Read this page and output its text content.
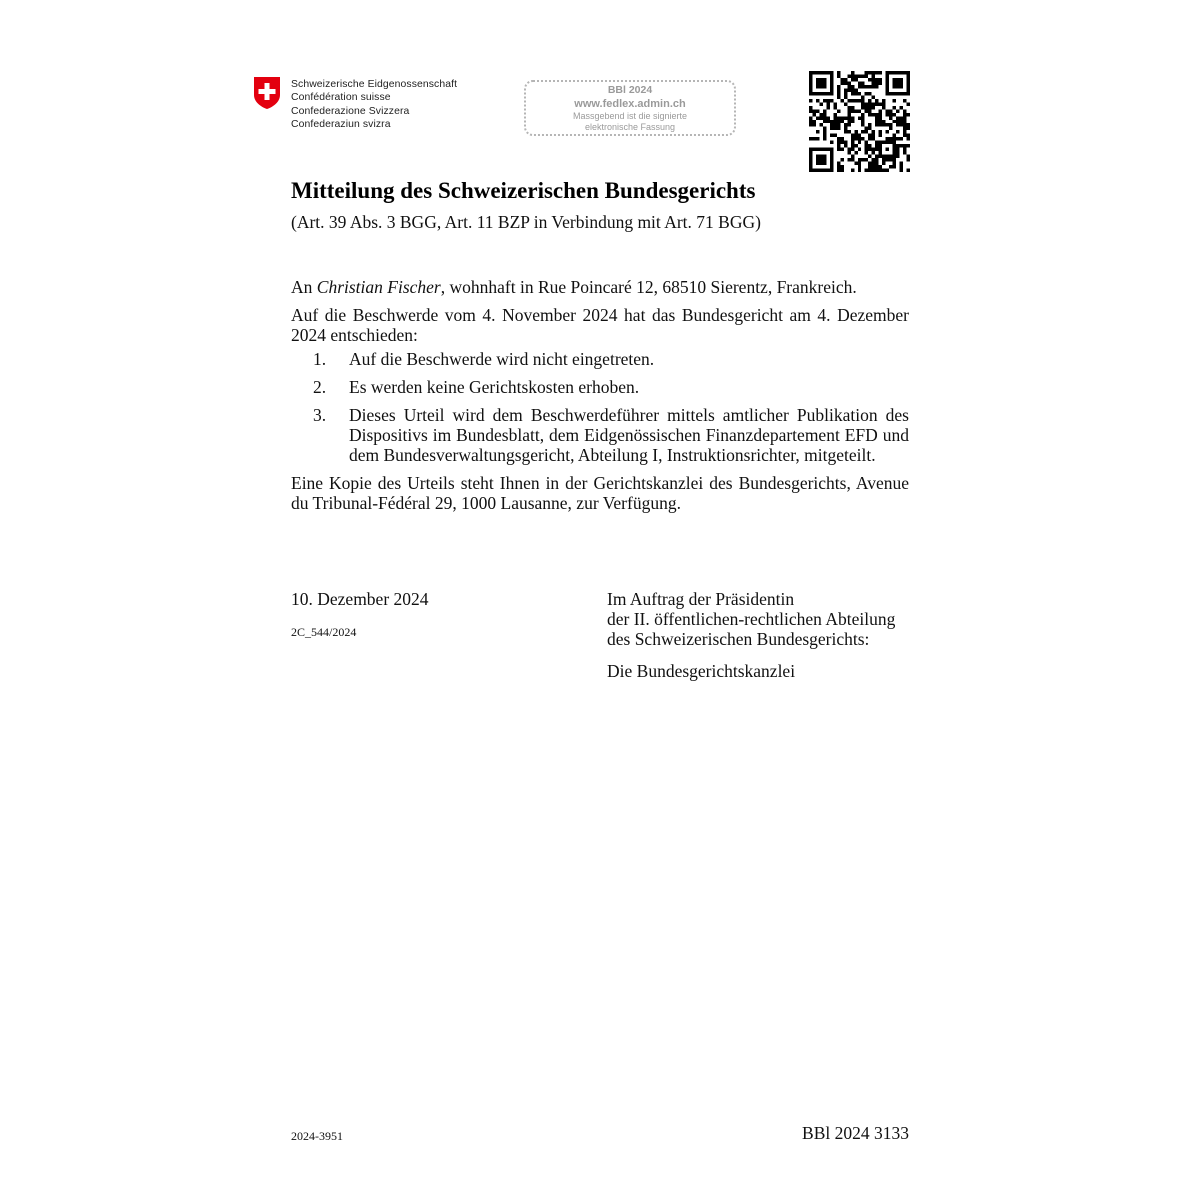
Schweizerische Eidgenossenschaft
Confédération suisse
Confederazione Svizzera
Confederaziun svizra
BBl 2024
www.fedlex.admin.ch
Massgebend ist die signierte
elektronische Fassung
Mitteilung des Schweizerischen Bundesgerichts
(Art. 39 Abs. 3 BGG, Art. 11 BZP in Verbindung mit Art. 71 BGG)

An Christian Fischer, wohnhaft in Rue Poincaré 12, 68510 Sierentz, Frankreich.

Auf die Beschwerde vom 4. November 2024 hat das Bundesgericht am 4. Dezember 2024 entschieden:

1.	Auf die Beschwerde wird nicht eingetreten.
2.	Es werden keine Gerichtskosten erhoben.
3.	Dieses Urteil wird dem Beschwerdeführer mittels amtlicher Publikation des Dispositivs im Bundesblatt, dem Eidgenössischen Finanzdepartement EFD und dem Bundesverwaltungsgericht, Abteilung I, Instruktionsrichter, mitgeteilt.

Eine Kopie des Urteils steht Ihnen in der Gerichtskanzlei des Bundesgerichts, Avenue du Tribunal-Fédéral 29, 1000 Lausanne, zur Verfügung.

10. Dezember 2024
2C_544/2024
Im Auftrag der Präsidentin
der II. öffentlichen-rechtlichen Abteilung
des Schweizerischen Bundesgerichts:
Die Bundesgerichtskanzlei
2024-3951	BBl 2024 3133
